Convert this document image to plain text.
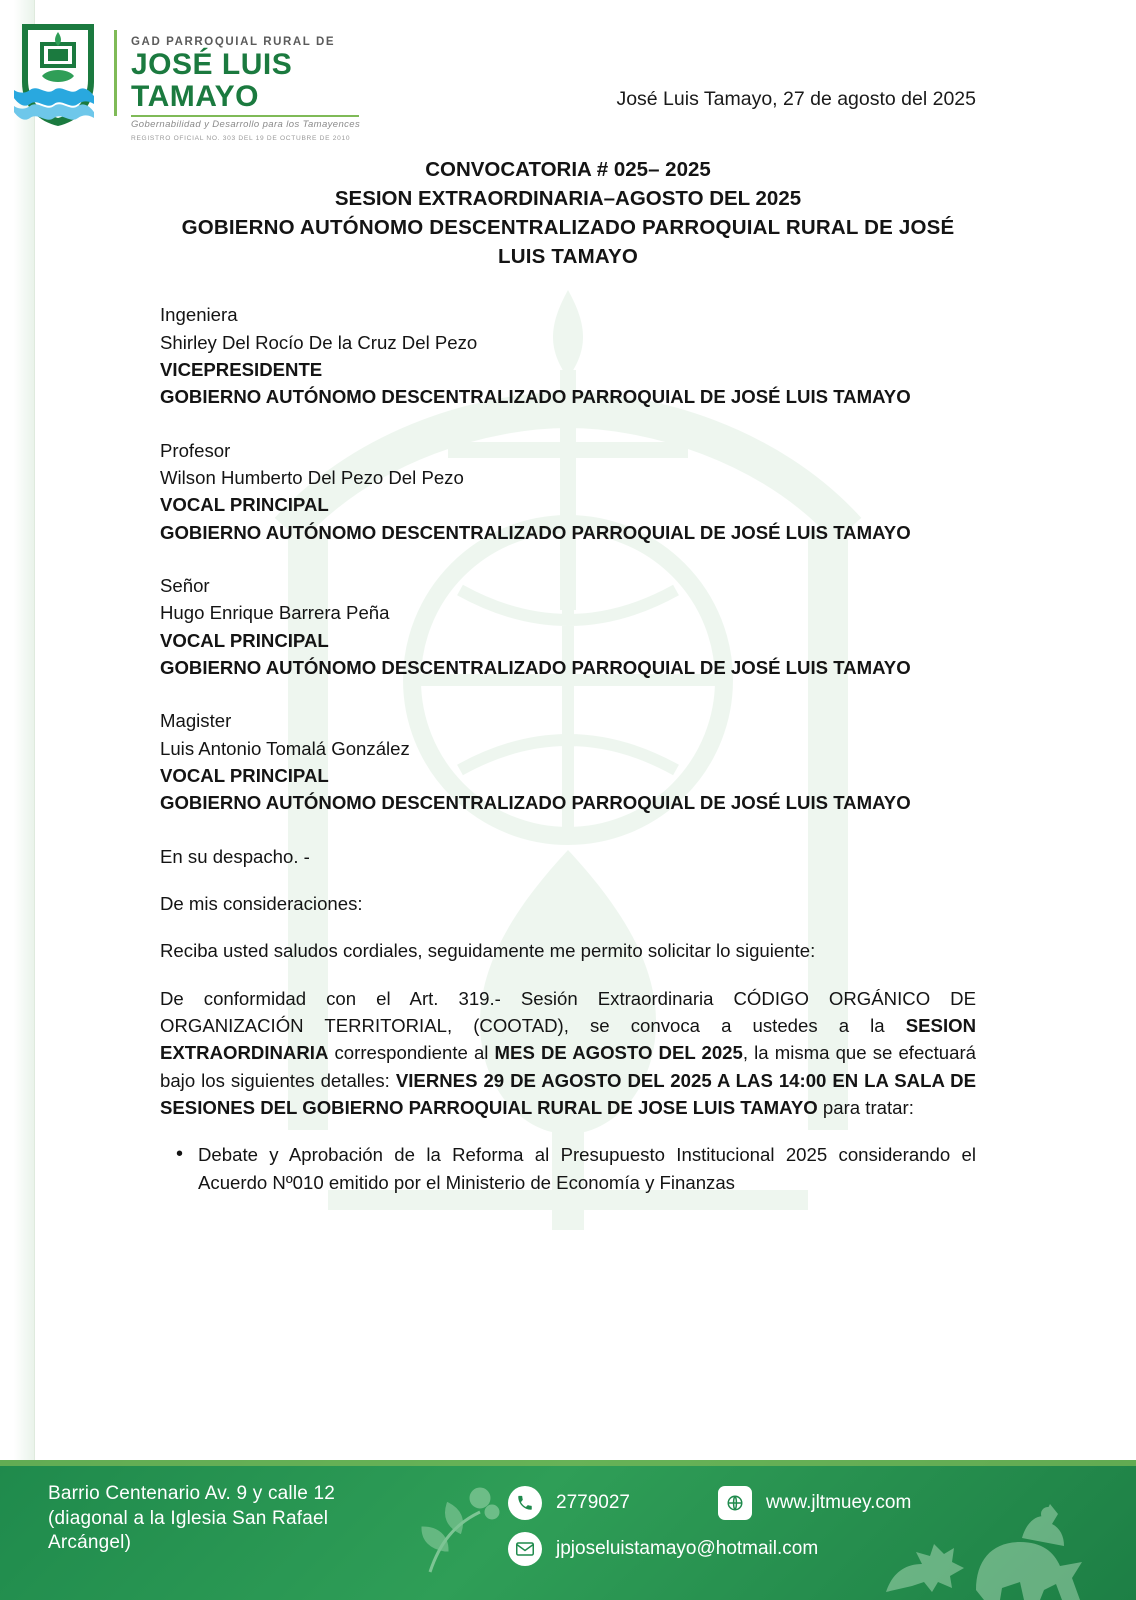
GAD PARROQUIAL RURAL DE
JOSÉ LUIS TAMAYO
Gobernabilidad y Desarrollo para los Tamayences
REGISTRO OFICIAL NO. 303 DEL 19 DE OCTUBRE DE 2010
José Luis Tamayo, 27 de agosto del 2025
CONVOCATORIA # 025– 2025
SESION EXTRAORDINARIA–AGOSTO DEL 2025
GOBIERNO AUTÓNOMO DESCENTRALIZADO PARROQUIAL RURAL DE JOSÉ LUIS TAMAYO
Ingeniera
Shirley Del Rocío De la Cruz Del Pezo
VICEPRESIDENTE
GOBIERNO AUTÓNOMO DESCENTRALIZADO PARROQUIAL DE JOSÉ LUIS TAMAYO
Profesor
Wilson Humberto Del Pezo Del Pezo
VOCAL PRINCIPAL
GOBIERNO AUTÓNOMO DESCENTRALIZADO PARROQUIAL DE JOSÉ LUIS TAMAYO
Señor
Hugo Enrique Barrera Peña
VOCAL PRINCIPAL
GOBIERNO AUTÓNOMO DESCENTRALIZADO PARROQUIAL DE JOSÉ LUIS TAMAYO
Magister
Luis Antonio Tomalá González
VOCAL PRINCIPAL
GOBIERNO AUTÓNOMO DESCENTRALIZADO PARROQUIAL DE JOSÉ LUIS TAMAYO
En su despacho. -
De mis consideraciones:
Reciba usted saludos cordiales, seguidamente me permito solicitar lo siguiente:
De conformidad con el Art. 319.- Sesión Extraordinaria CÓDIGO ORGÁNICO DE ORGANIZACIÓN TERRITORIAL, (COOTAD), se convoca a ustedes a la SESION EXTRAORDINARIA correspondiente al MES DE AGOSTO DEL 2025, la misma que se efectuará bajo los siguientes detalles: VIERNES 29 DE AGOSTO DEL 2025 A LAS 14:00 EN LA SALA DE SESIONES DEL GOBIERNO PARROQUIAL RURAL DE JOSE LUIS TAMAYO para tratar:
• Debate y Aprobación de la Reforma al Presupuesto Institucional 2025 considerando el Acuerdo Nº010 emitido por el Ministerio de Economía y Finanzas
Barrio Centenario Av. 9 y calle 12
(diagonal a la Iglesia San Rafael
Arcángel)
2779027	www.jltmuey.com
jpjoseluistamayo@hotmail.com
